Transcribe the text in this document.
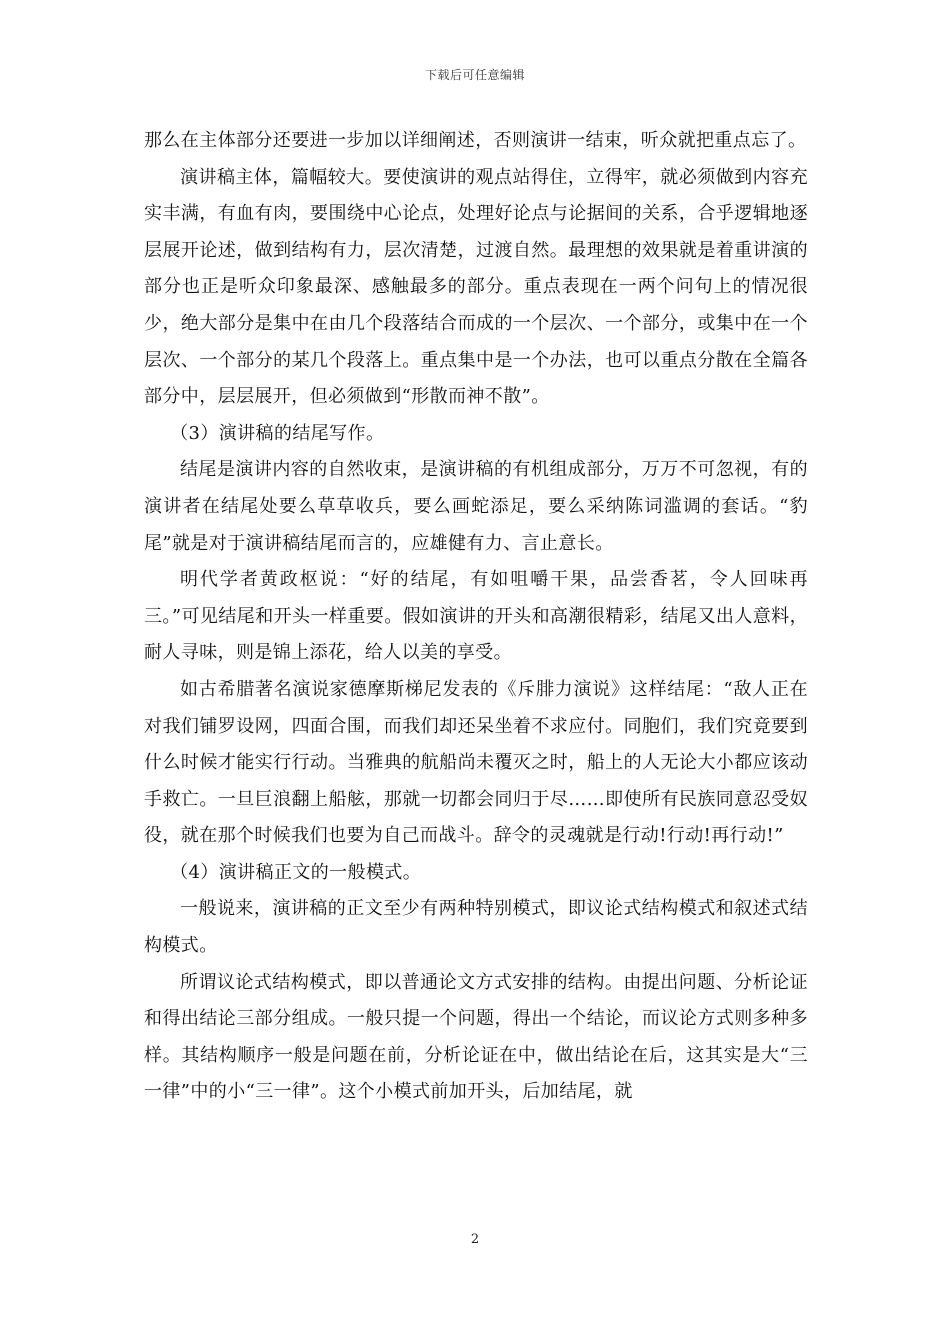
下载后可任意编辑

那么在主体部分还要进一步加以详细阐述，否则演讲一结束，听众就把重点忘了。

演讲稿主体，篇幅较大。要使演讲的观点站得住，立得牢，就必须做到内容充实丰满，有血有肉，要围绕中心论点，处理好论点与论据间的关系，合乎逻辑地逐层展开论述，做到结构有力，层次清楚，过渡自然。最理想的效果就是着重讲演的部分也正是听众印象最深、感触最多的部分。重点表现在一两个问句上的情况很少，绝大部分是集中在由几个段落结合而成的一个层次、一个部分，或集中在一个层次、一个部分的某几个段落上。重点集中是一个办法，也可以重点分散在全篇各部分中，层层展开，但必须做到“形散而神不散”。

（3）演讲稿的结尾写作。

结尾是演讲内容的自然收束，是演讲稿的有机组成部分，万万不可忽视，有的演讲者在结尾处要么草草收兵，要么画蛇添足，要么采纳陈词滥调的套话。“豹尾”就是对于演讲稿结尾而言的，应雄健有力、言止意长。

明代学者黄政枢说：“好的结尾，有如咀嚼干果，品尝香茗，令人回味再三。”可见结尾和开头一样重要。假如演讲的开头和高潮很精彩，结尾又出人意料，耐人寻味，则是锦上添花，给人以美的享受。

如古希腊著名演说家德摩斯梯尼发表的《斥腓力演说》这样结尾：“敌人正在对我们铺罗设网，四面合围，而我们却还呆坐着不求应付。同胞们，我们究竟要到什么时候才能实行行动。当雅典的航船尚未覆灭之时，船上的人无论大小都应该动手救亡。一旦巨浪翻上船舷，那就一切都会同归于尽……即使所有民族同意忍受奴役，就在那个时候我们也要为自己而战斗。辞令的灵魂就是行动!行动!再行动!”

（4）演讲稿正文的一般模式。

一般说来，演讲稿的正文至少有两种特别模式，即议论式结构模式和叙述式结构模式。

所谓议论式结构模式，即以普通论文方式安排的结构。由提出问题、分析论证和得出结论三部分组成。一般只提一个问题，得出一个结论，而议论方式则多种多样。其结构顺序一般是问题在前，分析论证在中，做出结论在后，这其实是大“三一律”中的小“三一律”。这个小模式前加开头，后加结尾，就

2
